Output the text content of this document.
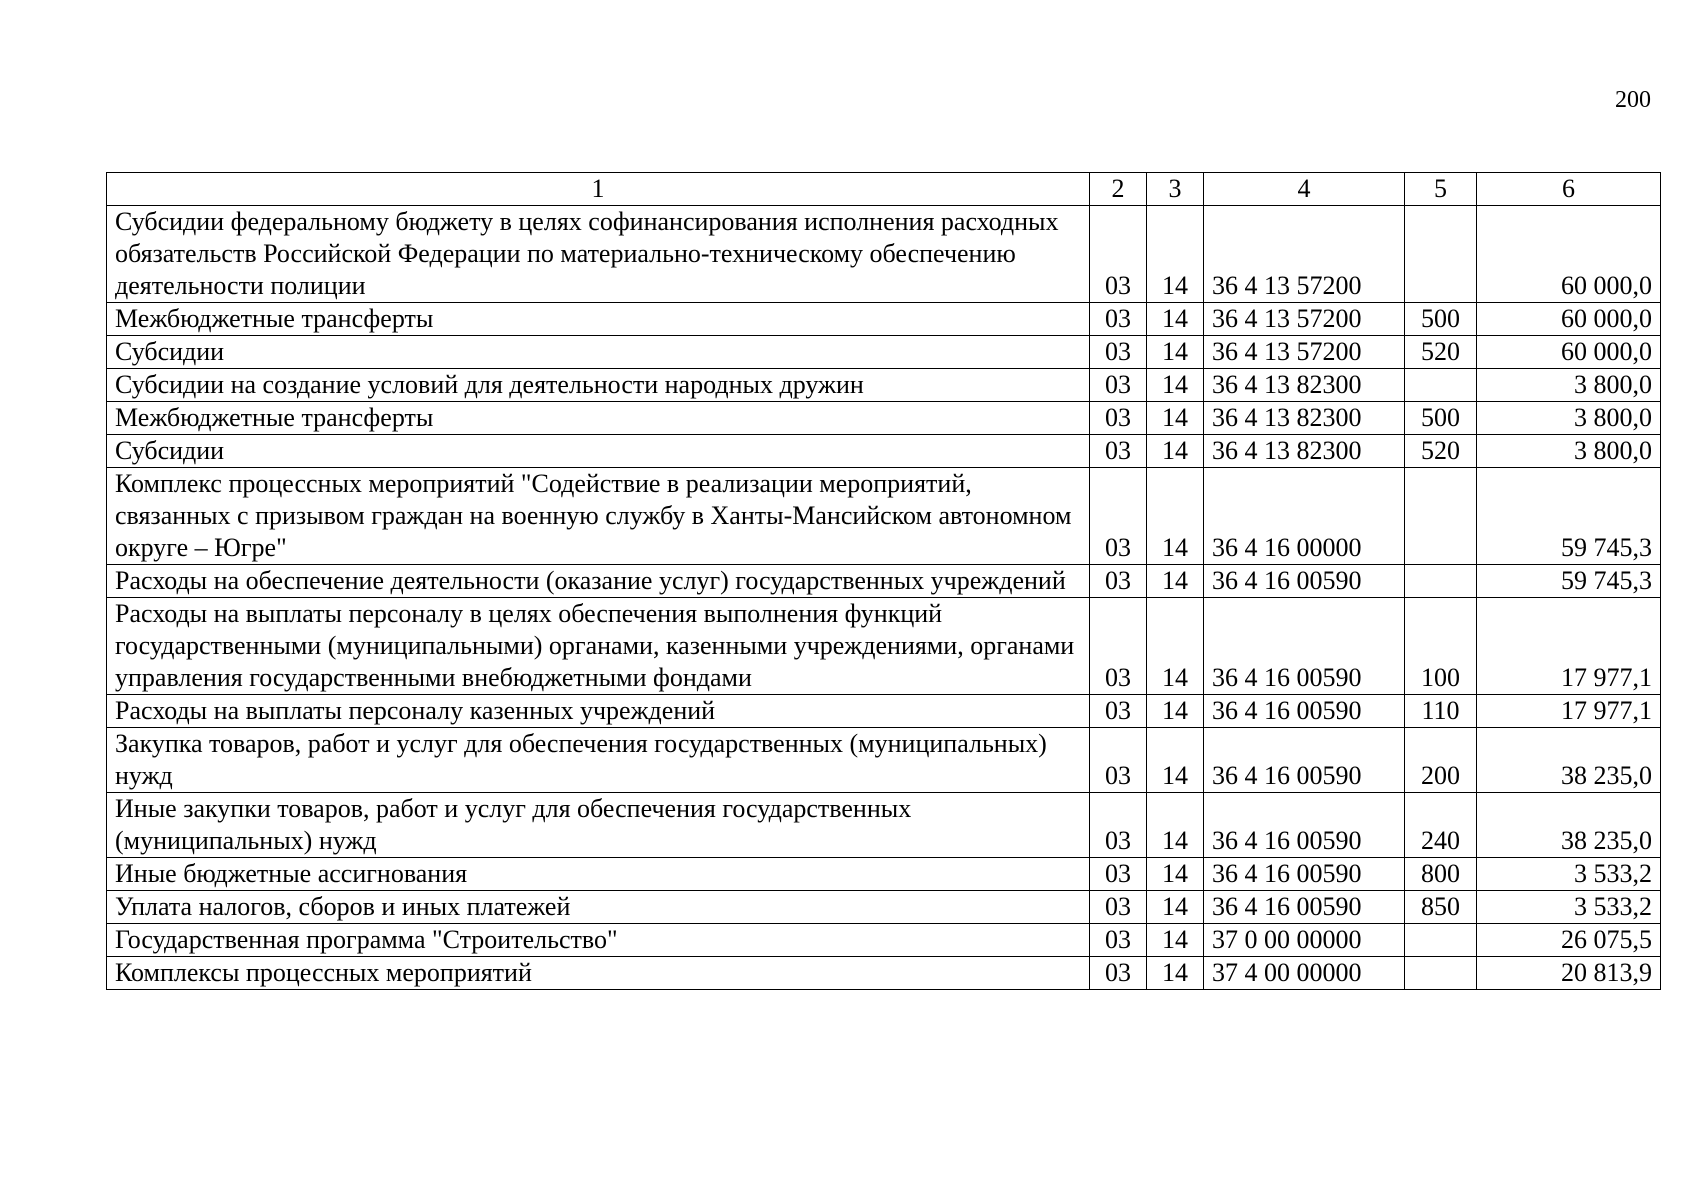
200
1	2	3	4	5	6
Субсидии федеральному бюджету в целях софинансирования исполнения расходных обязательств Российской Федерации по материально-техническому обеспечению деятельности полиции	03	14	36 4 13 57200		60 000,0
Межбюджетные трансферты	03	14	36 4 13 57200	500	60 000,0
Субсидии	03	14	36 4 13 57200	520	60 000,0
Субсидии на создание условий для деятельности народных дружин	03	14	36 4 13 82300		3 800,0
Межбюджетные трансферты	03	14	36 4 13 82300	500	3 800,0
Субсидии	03	14	36 4 13 82300	520	3 800,0
Комплекс процессных мероприятий "Содействие в реализации мероприятий, связанных с призывом граждан на военную службу в Ханты-Мансийском автономном округе – Югре"	03	14	36 4 16 00000		59 745,3
Расходы на обеспечение деятельности (оказание услуг) государственных учреждений	03	14	36 4 16 00590		59 745,3
Расходы на выплаты персоналу в целях обеспечения выполнения функций государственными (муниципальными) органами, казенными учреждениями, органами управления государственными внебюджетными фондами	03	14	36 4 16 00590	100	17 977,1
Расходы на выплаты персоналу казенных учреждений	03	14	36 4 16 00590	110	17 977,1
Закупка товаров, работ и услуг для обеспечения государственных (муниципальных) нужд	03	14	36 4 16 00590	200	38 235,0
Иные закупки товаров, работ и услуг для обеспечения государственных (муниципальных) нужд	03	14	36 4 16 00590	240	38 235,0
Иные бюджетные ассигнования	03	14	36 4 16 00590	800	3 533,2
Уплата налогов, сборов и иных платежей	03	14	36 4 16 00590	850	3 533,2
Государственная программа "Строительство"	03	14	37 0 00 00000		26 075,5
Комплексы процессных мероприятий	03	14	37 4 00 00000		20 813,9
